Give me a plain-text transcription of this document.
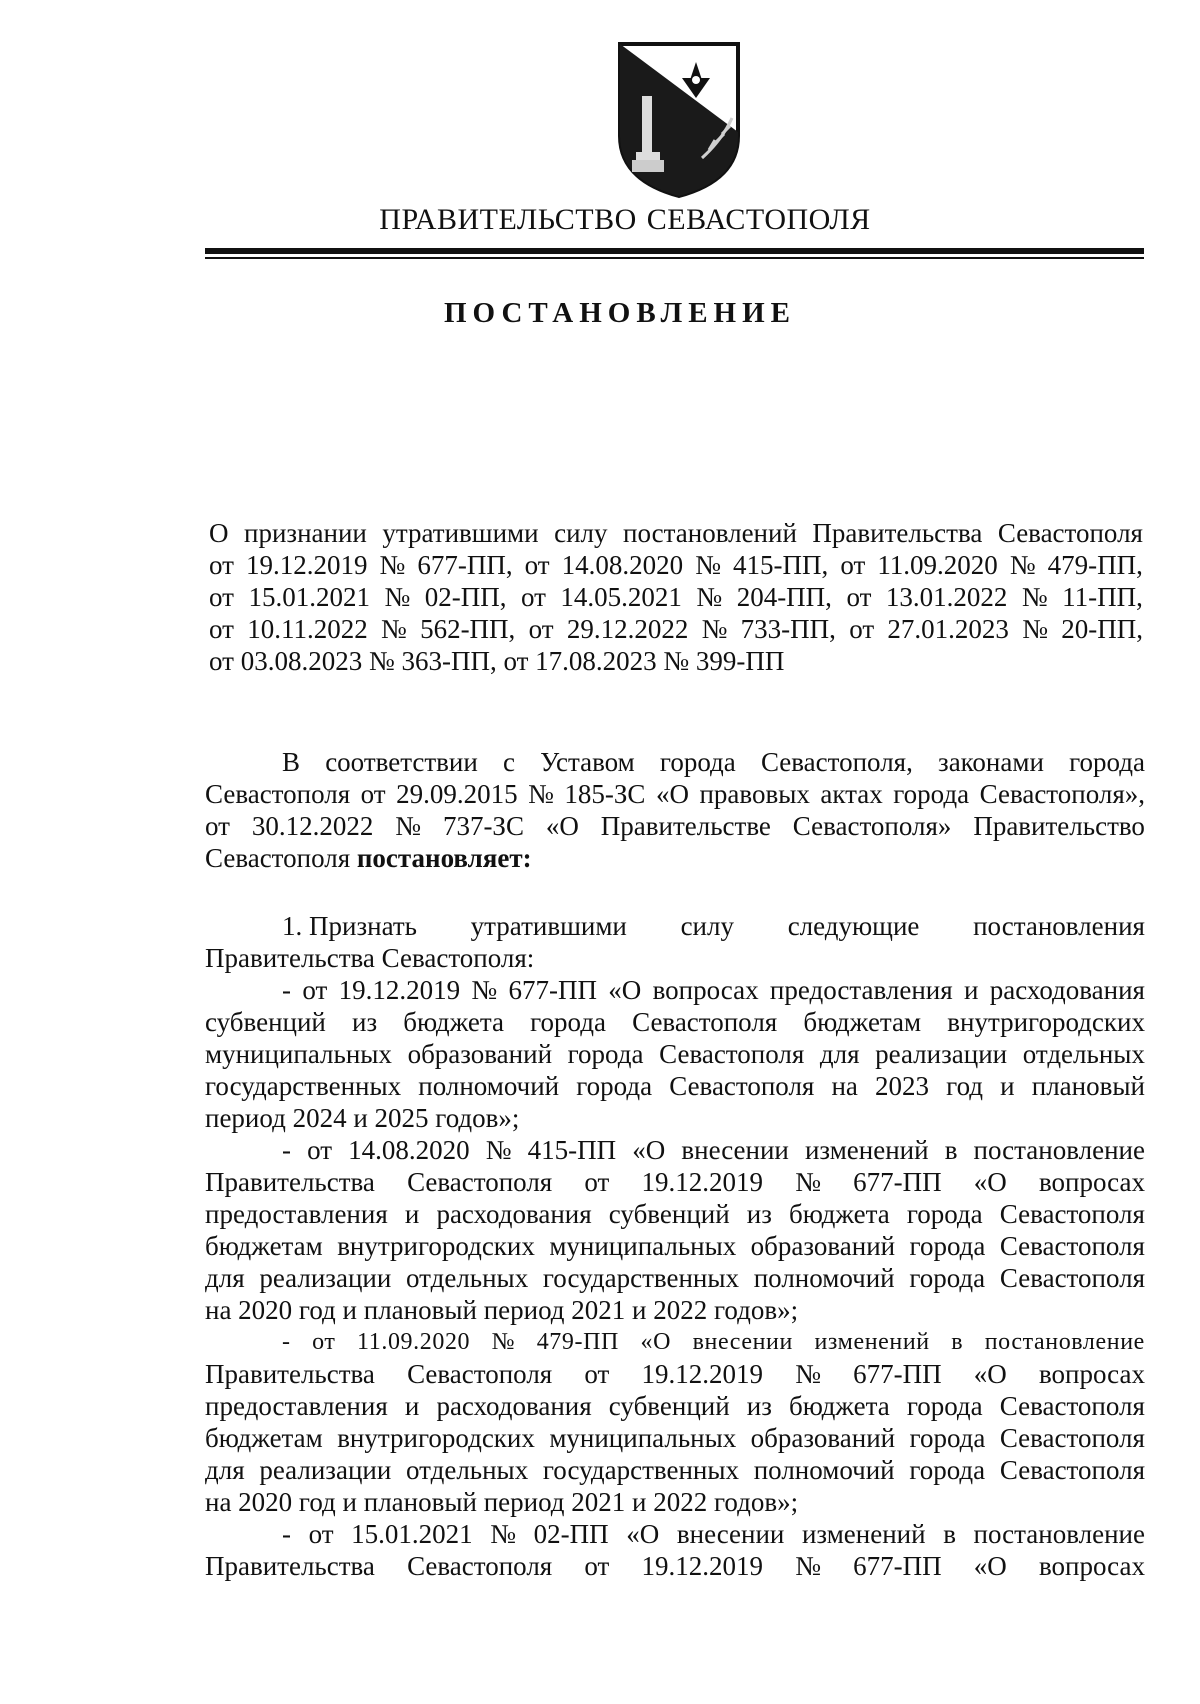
ПРАВИТЕЛЬСТВО СЕВАСТОПОЛЯ
ПОСТАНОВЛЕНИЕ
О признании утратившими силу постановлений Правительства Севастополя
от 19.12.2019 № 677-ПП, от 14.08.2020 № 415-ПП, от 11.09.2020 № 479-ПП,
от 15.01.2021 № 02-ПП, от 14.05.2021 № 204-ПП, от 13.01.2022 № 11-ПП,
от 10.11.2022 № 562-ПП, от 29.12.2022 № 733-ПП, от 27.01.2023 № 20-ПП,
от 03.08.2023 № 363-ПП, от 17.08.2023 № 399-ПП
В соответствии с Уставом города Севастополя, законами города
Севастополя от 29.09.2015 № 185-ЗС «О правовых актах города Севастополя»,
от 30.12.2022 № 737-ЗС «О Правительстве Севастополя» Правительство
Севастополя постановляет:
1. Признать утратившими силу следующие постановления
Правительства Севастополя:
- от 19.12.2019 № 677-ПП «О вопросах предоставления и расходования
субвенций из бюджета города Севастополя бюджетам внутригородских
муниципальных образований города Севастополя для реализации отдельных
государственных полномочий города Севастополя на 2023 год и плановый
период 2024 и 2025 годов»;
- от 14.08.2020 № 415-ПП «О внесении изменений в постановление
Правительства Севастополя от 19.12.2019 № 677-ПП «О вопросах
предоставления и расходования субвенций из бюджета города Севастополя
бюджетам внутригородских муниципальных образований города Севастополя
для реализации отдельных государственных полномочий города Севастополя
на 2020 год и плановый период 2021 и 2022 годов»;
- от 11.09.2020 № 479-ПП «О внесении изменений в постановление
Правительства Севастополя от 19.12.2019 № 677-ПП «О вопросах
предоставления и расходования субвенций из бюджета города Севастополя
бюджетам внутригородских муниципальных образований города Севастополя
для реализации отдельных государственных полномочий города Севастополя
на 2020 год и плановый период 2021 и 2022 годов»;
- от 15.01.2021 № 02-ПП «О внесении изменений в постановление
Правительства Севастополя от 19.12.2019 № 677-ПП «О вопросах
